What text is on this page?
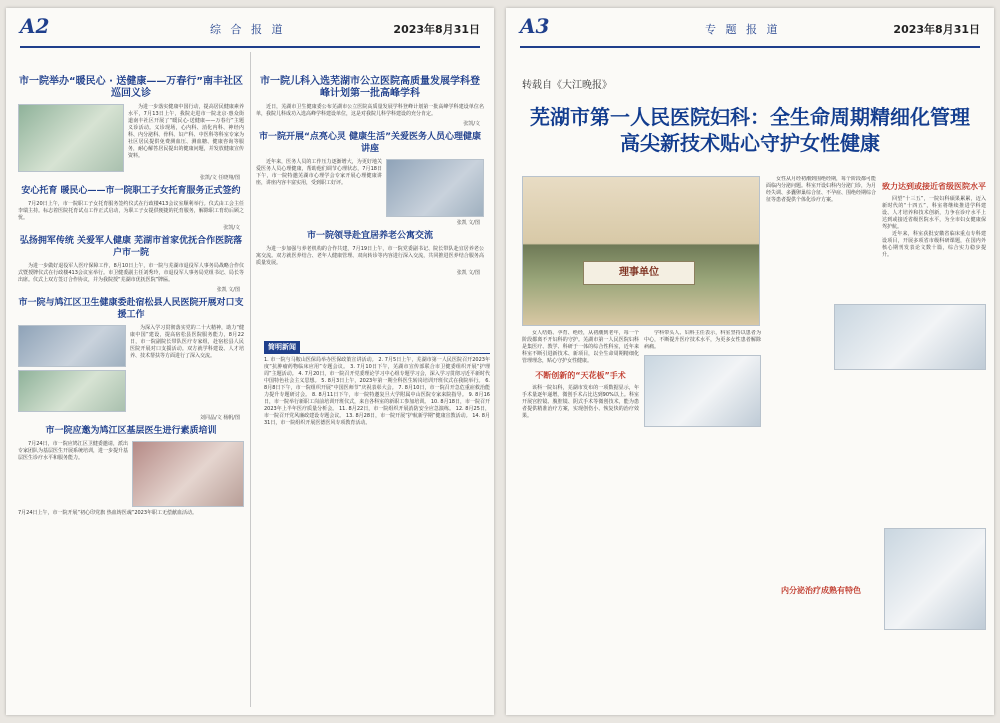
A2	综 合 报 道	2023年8月31日
市一院举办“暖民心 · 送健康——万春行”南丰社区巡回义诊

为进一步落实健康中国行动，提高居民健康素养水平，7月13日上午，我院走进市一院北京·惠众街道南丰社区开展了“暖民心·送健康——万春行”主题义诊活动。义诊现场，心内科、消化内科、神经内科、内分泌科、骨科、妇产科、中医科等科室专家为社区居民提供免费测血压、测血糖、健康咨询等服务，耐心解答居民提出的健康问题，并发放健康宣传资料。

张凯/文 任晓翔/图
安心托育 暖民心——市一院职工子女托育服务正式签约

7月20日上午，市一院职工子女托育服务签约仪式在行政楼413会议室顺利举行。仪式由工会主任李瑞主持。标志着医院托育试点工作正式启动，为职工子女提供便捷的托育服务，解除职工育幼后顾之忧。

张凯/文
弘扬拥军传统 关爱军人健康 芜湖市首家优抚合作医院落户市一院

为进一步做好退役军人医疗保障工作，8月10日上午，市一院与芜湖市退役军人事务局战略合作仪式暨授牌仪式在行政楼413会议室举行。市卫健委副主任刘秀玲，市退役军人事务局党组书记、局长等出席。仪式上双方签订合作协议，并为我院授“芜湖市优抚医院”牌匾。

张凯 文/图
市一院与鸠江区卫生健康委赴宿松县人民医院开展对口支援工作

为深入学习贯彻落实党的二十大精神，助力“健康中国”建设，提高宿松县医院服务能力，8月22日，市一院副院长带队医疗专家组，赴宿松县人民医院开展对口支援活动。双方就学科建设、人才培养、技术帮扶等方面进行了深入交流。

刘同晶/文 杨帆/图
市一院应邀为鸠江区基层医生进行素质培训

7月24日，市一院应鸠江区卫健委邀请，派出专家团队为基层医生开展系统培训，进一步提升基层医生诊疗水平和服务能力。

7月24日上午，市一院开展“初心印党旗 热血铸医魂”2023年职工无偿献血活动。
市一院儿科入选芜湖市公立医院高质量发展学科登峰计划第一批高峰学科

近日，芜湖市卫生健康委公布芜湖市公立医院高质量发展学科登峰计划第一批高峰学科建设单位名单，我院儿科成功入选高峰学科建设单位，这是对我院儿科学科建设的充分肯定。

张凯/文
市一院开展“点亮心灵 健康生活”关爱医务人员心理健康讲座

近年来，医务人员的工作压力逐渐增大，为更好地关爱医务人员心理健康，帮助他们调节心理状态，7月18日下午，市一院特邀芜湖市心理学会专家开展心理健康讲座，讲座内容丰富实用，受到职工好评。

张凯 文/图
市一院领导赴宜居养老公寓交流

为进一步加强与养老机构的合作共建，7月19日上午，市一院党委副书记、院长带队赴宜居养老公寓交流。双方就医养结合、老年人健康管理、双向转诊等内容进行深入交流，共同推进医养结合服务高质量发展。

张凯 文/图
简明新闻

1. 市一院与马鞍山医保局举办医保政策宣讲活动。 2. 7月5日上午，芜湖市第一人民医院召开2023年度“抗肿瘤药物临床应用”专题会议。 3. 7月10日下午，芜湖市宣传部联合市卫健委组织开展“护理周”主题活动。 4. 7月20日，市一院召开党委理论学习中心组专题学习会，深入学习贯彻习近平新时代中国特色社会主义思想。 5. 8月3日上午，2023年第一期全科医生转岗培训开班仪式在我院举行。 6. 8月8日下午，市一院组织开展“中国医师节”庆祝表彰大会。 7. 8月10日，市一院召开急危重症救治能力提升专题研讨会。 8. 8月11日下午，市一院特邀复旦大学附属中山医院专家来院指导。 9. 8月16日，市一院举行新职工岗前培训开班仪式，来自各科室的新职工参加培训。 10. 8月18日，市一院召开2023年上半年医疗质量分析会。 11. 8月22日，市一院组织开展消防安全应急演练。 12. 8月25日，市一院召开党风廉政建设专题会议。 13. 8月28日，市一院开展“护航新学期”健康宣教活动。 14. 8月31日，市一院组织开展医德医风专项教育活动。

A3	专 题 报 道	2023年8月31日
转载自《大江晚报》
芜湖市第一人民医院妇科：全生命周期精细化管理
高尖新技术贴心守护女性健康
理事单位

女人结婚、孕育、绝经，从初潮到老年，每一个阶段都离不开妇科的守护。芜湖市第一人民医院妇科是集医疗、教学、科研于一体的综合性科室，近年来科室不断引进新技术、新项目，以全生命周期精细化管理理念，贴心守护女性健康。

不断创新的“天花板”手术

该科一院妇科，芜湖市发布的一项数据显示，年手术量逐年递增，微创手术占比达到90%以上。科室开展宫腔镜、腹腔镜、阴式手术等微创技术，能为患者提供精准治疗方案，实现创伤小、恢复快的治疗效果。

学科带头人、妇科主任表示，科室坚持以患者为中心，不断提升医疗技术水平，为更多女性患者解除病痛。

女性从月经初潮到围绝经期，每个阶段都可能面临内分泌问题。科室开设妇科内分泌门诊，为月经失调、多囊卵巢综合征、不孕症、围绝经期综合征等患者提供个体化诊疗方案。

致力达到或接近省级医院水平

回望“十三五”，一院妇科硕果累累，迈入新时代的“十四五”，科室将继续推进学科建设、人才培养和技术创新，力争在诊疗水平上达到或接近省级医院水平，为全市妇女健康保驾护航。

近年来，科室获批安徽省临床重点专科建设项目，开展多项省市级科研课题，在国内外核心期刊发表论文数十篇，综合实力稳步提升。

内分泌治疗成熟有特色
